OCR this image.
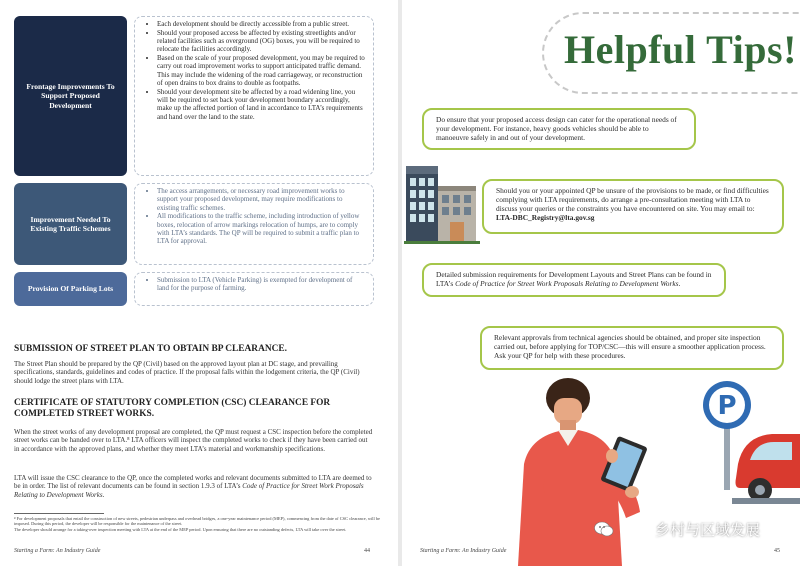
Frontage Improvements To Support Proposed Development
• Each development should be directly accessible from a public street.
• Should your proposed access be affected by existing streetlights and/or related facilities such as overground (OG) boxes, you will be required to relocate the facilities accordingly.
• Based on the scale of your proposed development, you may be required to carry out road improvement works to support anticipated traffic demand. This may include the widening of the road carriageway, or reconstruction of open drains to box drains to double as footpaths.
• Should your development site be affected by a road widening line, you will be required to set back your development boundary accordingly, make up the affected portion of land in accordance to LTA’s requirements and hand over the land to the state.
Improvement Needed To Existing Traffic Schemes
• The access arrangements, or necessary road improvement works to support your proposed development, may require modifications to existing traffic schemes.
• All modifications to the traffic scheme, including introduction of yellow boxes, relocation of arrow markings relocation of humps, are to comply with LTA’s standards. The QP will be required to submit a traffic plan to LTA for approval.
Provision Of Parking Lots
• Submission to LTA (Vehicle Parking) is exempted for development of land for the purpose of farming.
SUBMISSION OF STREET PLAN TO OBTAIN BP CLEARANCE.
The Street Plan should be prepared by the QP (Civil) based on the approved layout plan at DC stage, and prevailing specifications, standards, guidelines and codes of practice. If the proposal falls within the lodgement criteria, the QP (Civil) should lodge the street plans with LTA.
CERTIFICATE OF STATUTORY COMPLETION (CSC) CLEARANCE FOR COMPLETED STREET WORKS.
When the street works of any development proposal are completed, the QP must request a CSC inspection before the completed street works can be handed over to LTA.⁸ LTA officers will inspect the completed works to check if they have been carried out in accordance with the approved plans, and whether they meet LTA’s material and workmanship specifications.
LTA will issue the CSC clearance to the QP, once the completed works and relevant documents submitted to LTA are deemed to be in order. The list of relevant documents can be found in section 1.9.3 of LTA’s Code of Practice for Street Work Proposals Relating to Development Works.
⁸ For development proposals that entail the construction of new streets, pedestrian underpass and overhead bridges, a one-year maintenance period (MEP), commencing from the date of CSC clearance, will be imposed. During this period, the developer will be responsible for the maintenance of the street.
The developer should arrange for a taking-over inspection meeting with LTA at the end of the MEP period. Upon ensuring that there are no outstanding defects, LTA will take over the street.
Starting a Farm: An Industry Guide	44
Helpful Tips!
Do ensure that your proposed access design can cater for the operational needs of your development. For instance, heavy goods vehicles should be able to manoeuvre safely in and out of your development.
Should you or your appointed QP be unsure of the provisions to be made, or find difficulties complying with LTA requirements, do arrange a pre-consultation meeting with LTA to discuss your queries or the constraints you have encountered on site. You may email to: LTA-DBC_Registry@lta.gov.sg
Detailed submission requirements for Development Layouts and Street Plans can be found in LTA’s Code of Practice for Street Work Proposals Relating to Development Works.
Relevant approvals from technical agencies should be obtained, and proper site inspection carried out, before applying for TOP/CSC—this will ensure a smoother application process. Ask your QP for help with these procedures.
P
乡村与区域发展
Starting a Farm: An Industry Guide	45
